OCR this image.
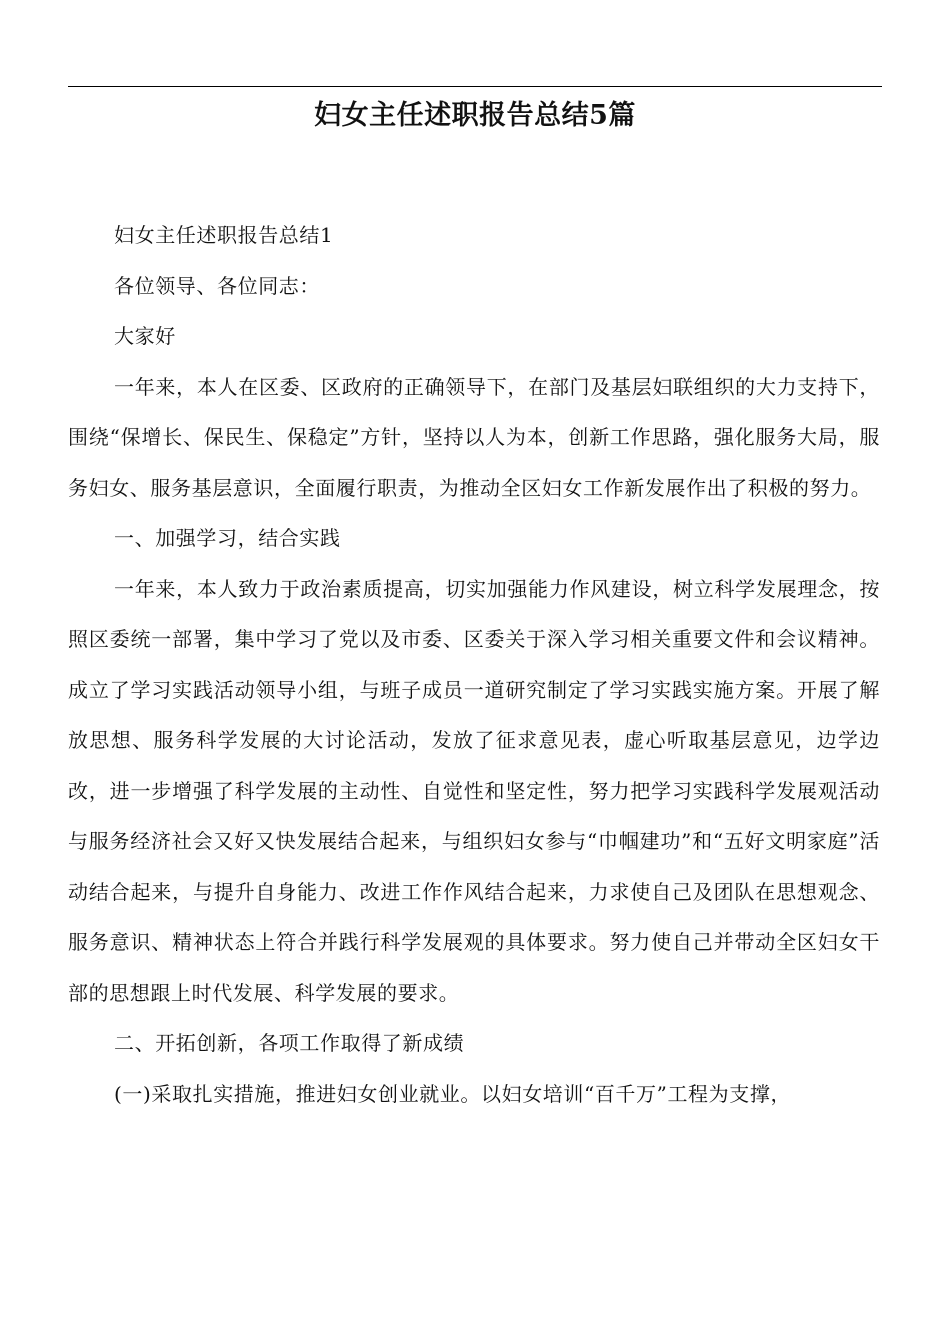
妇女主任述职报告总结5篇

妇女主任述职报告总结1

各位领导、各位同志：

大家好

一年来，本人在区委、区政府的正确领导下，在部门及基层妇联组织的大力支持下，围绕“保增长、保民生、保稳定”方针，坚持以人为本，创新工作思路，强化服务大局，服务妇女、服务基层意识，全面履行职责，为推动全区妇女工作新发展作出了积极的努力。

一、加强学习，结合实践

一年来，本人致力于政治素质提高，切实加强能力作风建设，树立科学发展理念，按照区委统一部署，集中学习了党以及市委、区委关于深入学习相关重要文件和会议精神。成立了学习实践活动领导小组，与班子成员一道研究制定了学习实践实施方案。开展了解放思想、服务科学发展的大讨论活动，发放了征求意见表，虚心听取基层意见，边学边改，进一步增强了科学发展的主动性、自觉性和坚定性，努力把学习实践科学发展观活动与服务经济社会又好又快发展结合起来，与组织妇女参与“巾帼建功”和“五好文明家庭”活动结合起来，与提升自身能力、改进工作作风结合起来，力求使自己及团队在思想观念、服务意识、精神状态上符合并践行科学发展观的具体要求。努力使自己并带动全区妇女干部的思想跟上时代发展、科学发展的要求。

二、开拓创新，各项工作取得了新成绩

(一)采取扎实措施，推进妇女创业就业。以妇女培训“百千万”工程为支撑，
